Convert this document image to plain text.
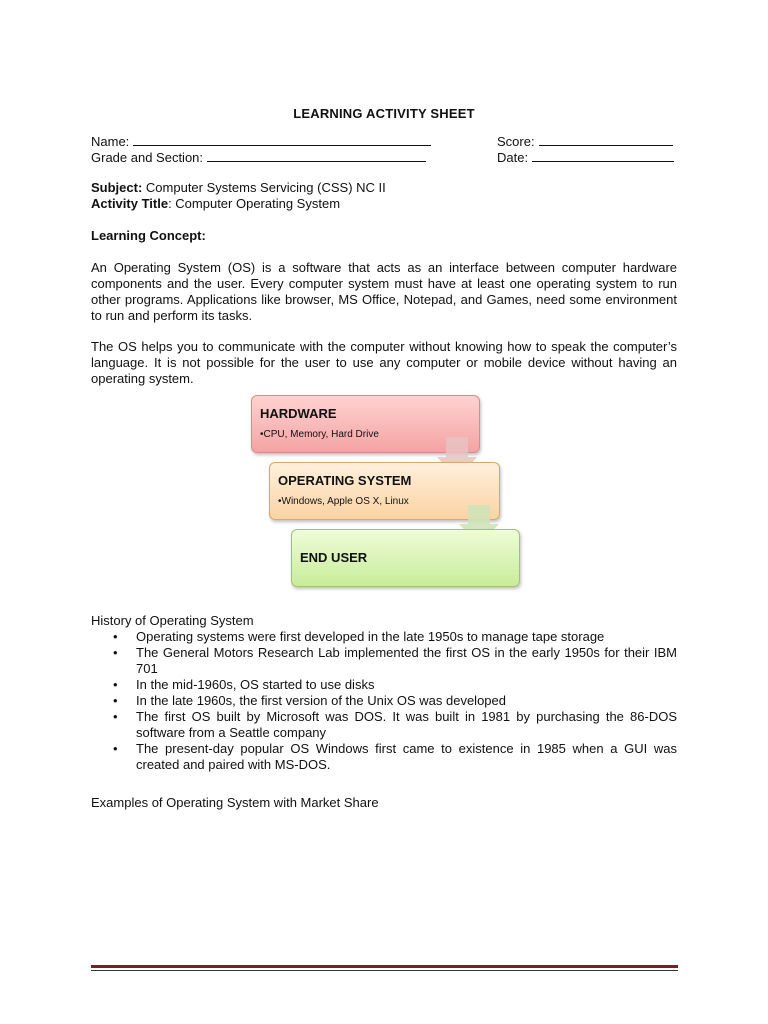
LEARNING ACTIVITY SHEET
Name:
Grade and Section:
Score:
Date:
Subject: Computer Systems Servicing (CSS) NC II
Activity Title: Computer Operating System
Learning Concept:
An Operating System (OS) is a software that acts as an interface between computer hardware components and the user. Every computer system must have at least one operating system to run other programs. Applications like browser, MS Office, Notepad, and Games, need some environment to run and perform its tasks.
The OS helps you to communicate with the computer without knowing how to speak the computer’s language. It is not possible for the user to use any computer or mobile device without having an operating system.
HARDWARE
•CPU, Memory, Hard Drive
OPERATING SYSTEM
•Windows, Apple OS X, Linux
END USER
History of Operating System
• Operating systems were first developed in the late 1950s to manage tape storage
• The General Motors Research Lab implemented the first OS in the early 1950s for their IBM 701
• In the mid-1960s, OS started to use disks
• In the late 1960s, the first version of the Unix OS was developed
• The first OS built by Microsoft was DOS. It was built in 1981 by purchasing the 86-DOS software from a Seattle company
• The present-day popular OS Windows first came to existence in 1985 when a GUI was created and paired with MS-DOS.
Examples of Operating System with Market Share
